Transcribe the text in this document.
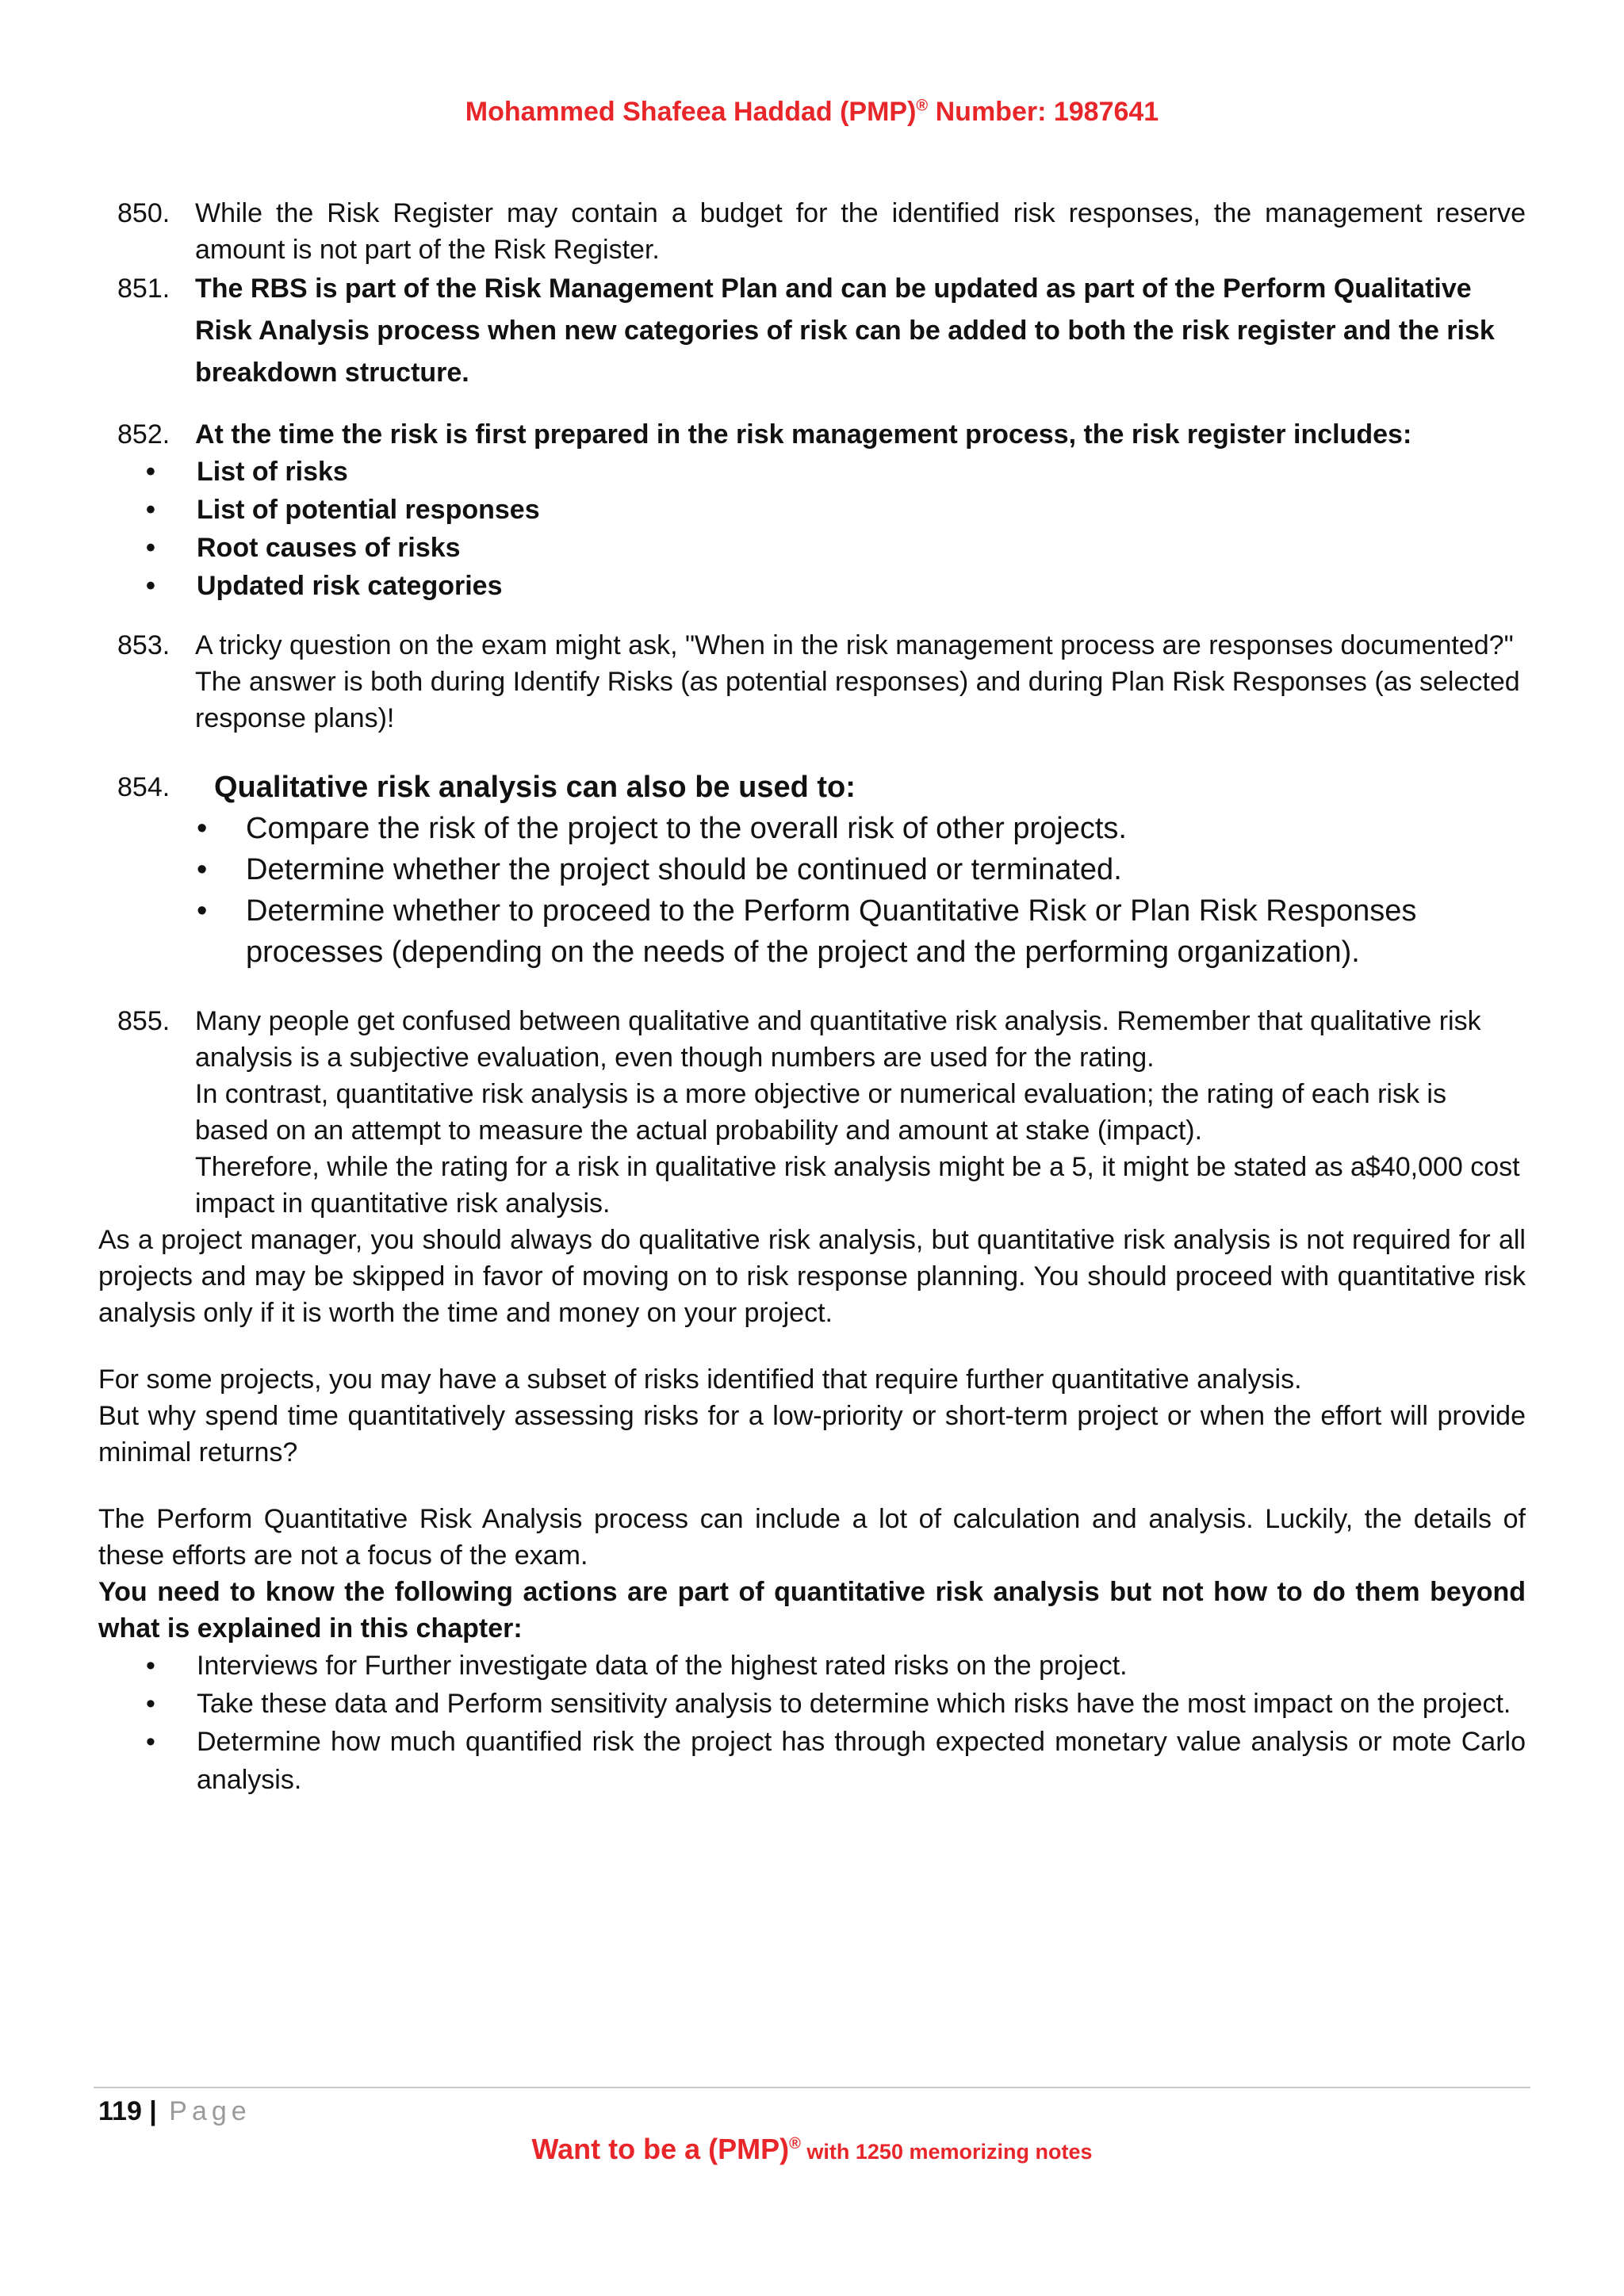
Mohammed Shafeea Haddad (PMP)® Number: 1987641
850. While the Risk Register may contain a budget for the identified risk responses, the management reserve amount is not part of the Risk Register.
851. The RBS is part of the Risk Management Plan and can be updated as part of the Perform Qualitative Risk Analysis process when new categories of risk can be added to both the risk register and the risk breakdown structure.
852. At the time the risk is first prepared in the risk management process, the risk register includes:
• List of risks
• List of potential responses
• Root causes of risks
• Updated risk categories
853. A tricky question on the exam might ask, "When in the risk management process are responses documented?" The answer is both during Identify Risks (as potential responses) and during Plan Risk Responses (as selected response plans)!
854. Qualitative risk analysis can also be used to:
• Compare the risk of the project to the overall risk of other projects.
• Determine whether the project should be continued or terminated.
• Determine whether to proceed to the Perform Quantitative Risk or Plan Risk Responses processes (depending on the needs of the project and the performing organization).
855. Many people get confused between qualitative and quantitative risk analysis. Remember that qualitative risk analysis is a subjective evaluation, even though numbers are used for the rating.
In contrast, quantitative risk analysis is a more objective or numerical evaluation; the rating of each risk is based on an attempt to measure the actual probability and amount at stake (impact).
Therefore, while the rating for a risk in qualitative risk analysis might be a 5, it might be stated as a$40,000 cost impact in quantitative risk analysis.
As a project manager, you should always do qualitative risk analysis, but quantitative risk analysis is not required for all projects and may be skipped in favor of moving on to risk response planning. You should proceed with quantitative risk analysis only if it is worth the time and money on your project.
For some projects, you may have a subset of risks identified that require further quantitative analysis.
But why spend time quantitatively assessing risks for a low-priority or short-term project or when the effort will provide minimal returns?
The Perform Quantitative Risk Analysis process can include a lot of calculation and analysis. Luckily, the details of these efforts are not a focus of the exam.
You need to know the following actions are part of quantitative risk analysis but not how to do them beyond what is explained in this chapter:
• Interviews for Further investigate data of the highest rated risks on the project.
• Take these data and Perform sensitivity analysis to determine which risks have the most impact on the project.
• Determine how much quantified risk the project has through expected monetary value analysis or mote Carlo analysis.
119 | Page
Want to be a (PMP)® with 1250 memorizing notes
